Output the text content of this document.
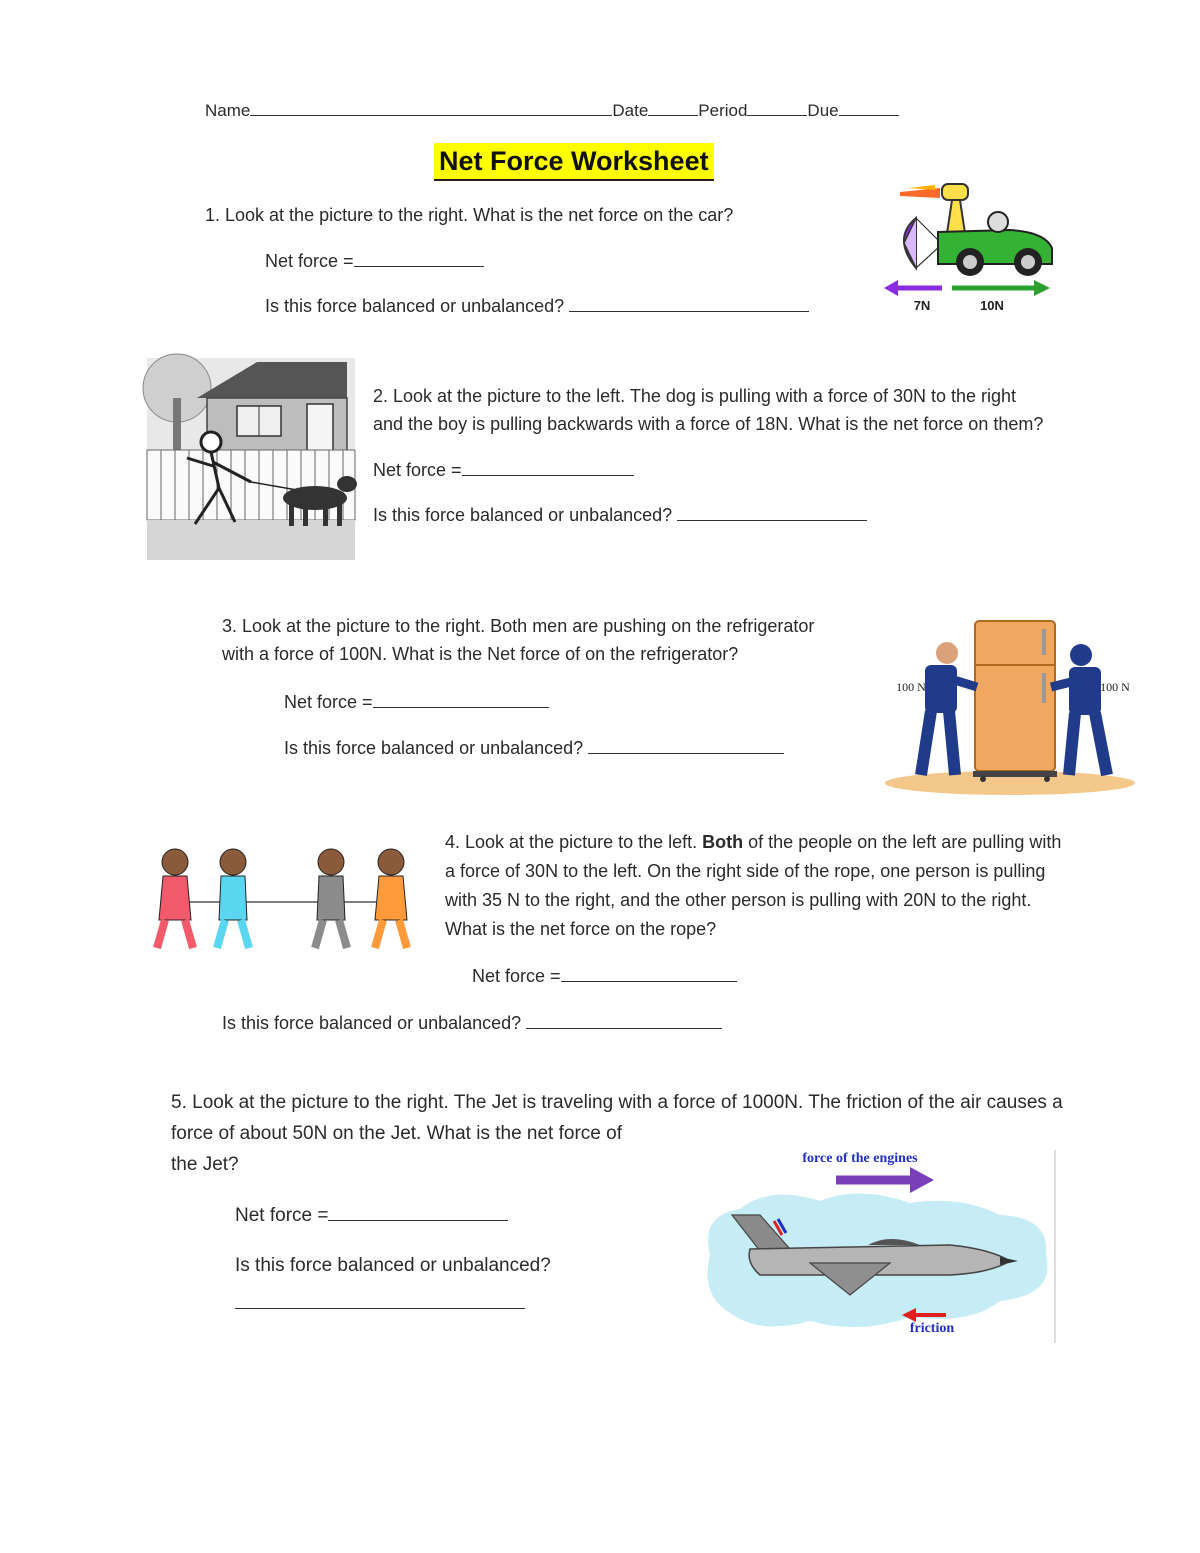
Name	Date	Period	Due
Net Force Worksheet
1. Look at the picture to the right. What is the net force on the car?
Net force =
Is this force balanced or unbalanced?	7N	10N
2. Look at the picture to the left. The dog is pulling with a force of 30N to the right
and the boy is pulling backwards with a force of 18N. What is the net force on them?
Net force =
Is this force balanced or unbalanced?
3. Look at the picture to the right. Both men are pushing on the refrigerator
with a force of 100N. What is the Net force of on the refrigerator?
Net force =
Is this force balanced or unbalanced?
100 N	100 N
4. Look at the picture to the left. Both of the people on the left are pulling with
a force of 30N to the left. On the right side of the rope, one person is pulling
with 35 N to the right, and the other person is pulling with 20N to the right.
What is the net force on the rope?
Net force =
Is this force balanced or unbalanced?
5. Look at the picture to the right. The Jet is traveling with a force of 1000N. The friction of the air causes a
force of about 50N on the Jet. What is the net force of
the Jet?
Net force =
Is this force balanced or unbalanced?
force of the engines
friction
